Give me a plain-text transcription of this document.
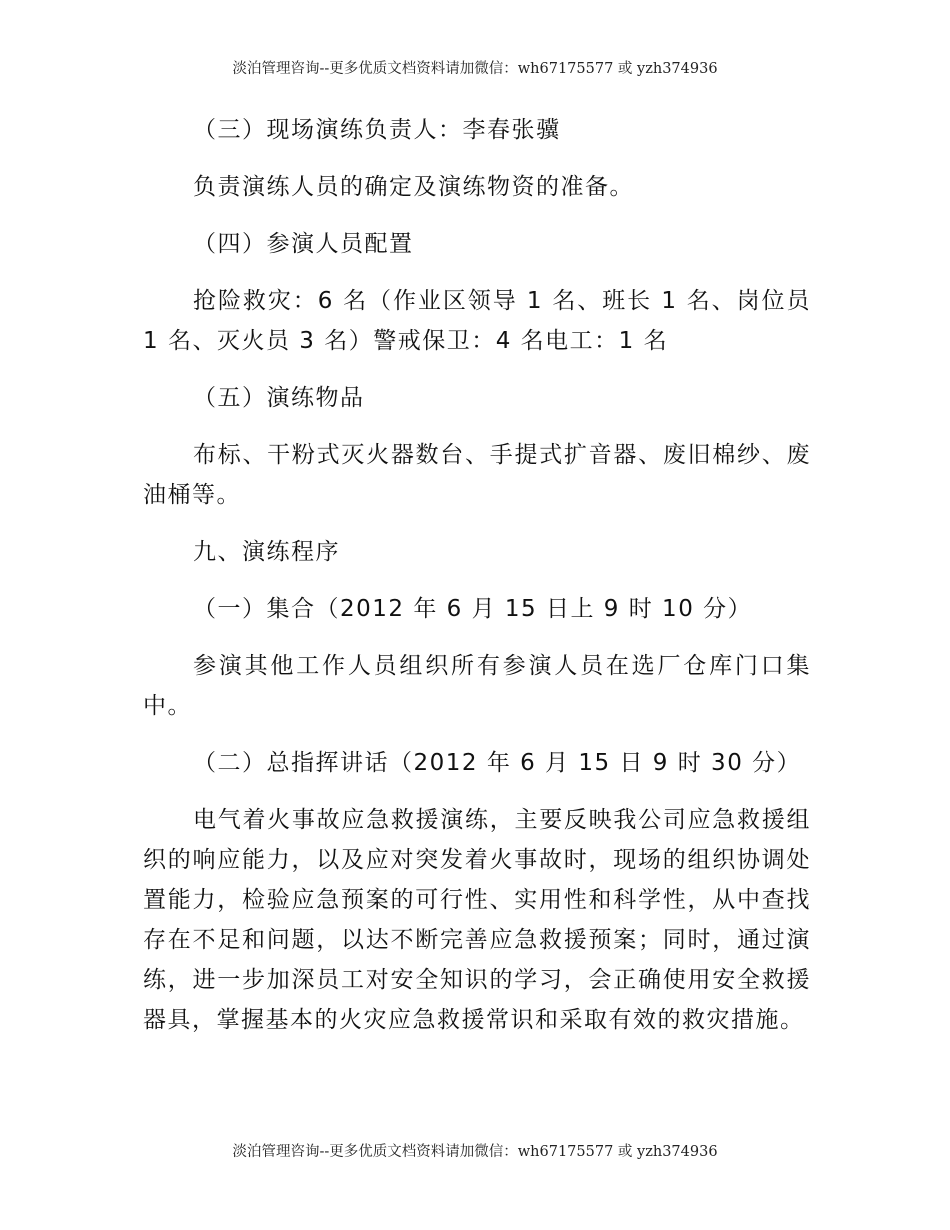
淡泊管理咨询--更多优质文档资料请加微信：wh67175577 或 yzh374936

（三）现场演练负责人：李春张骥

负责演练人员的确定及演练物资的准备。

（四）参演人员配置

抢险救灾：6 名（作业区领导 1 名、班长 1 名、岗位员 1 名、灭火员 3 名）警戒保卫：4 名电工：1 名

（五）演练物品

布标、干粉式灭火器数台、手提式扩音器、废旧棉纱、废油桶等。

九、演练程序

（一）集合（2012 年 6 月 15 日上 9 时 10 分）

参演其他工作人员组织所有参演人员在选厂仓库门口集中。

（二）总指挥讲话（2012 年 6 月 15 日 9 时 30 分）

电气着火事故应急救援演练，主要反映我公司应急救援组织的响应能力，以及应对突发着火事故时，现场的组织协调处置能力，检验应急预案的可行性、实用性和科学性，从中查找存在不足和问题，以达不断完善应急救援预案；同时，通过演练，进一步加深员工对安全知识的学习，会正确使用安全救援器具，掌握基本的火灾应急救援常识和采取有效的救灾措施。

淡泊管理咨询--更多优质文档资料请加微信：wh67175577 或 yzh374936
